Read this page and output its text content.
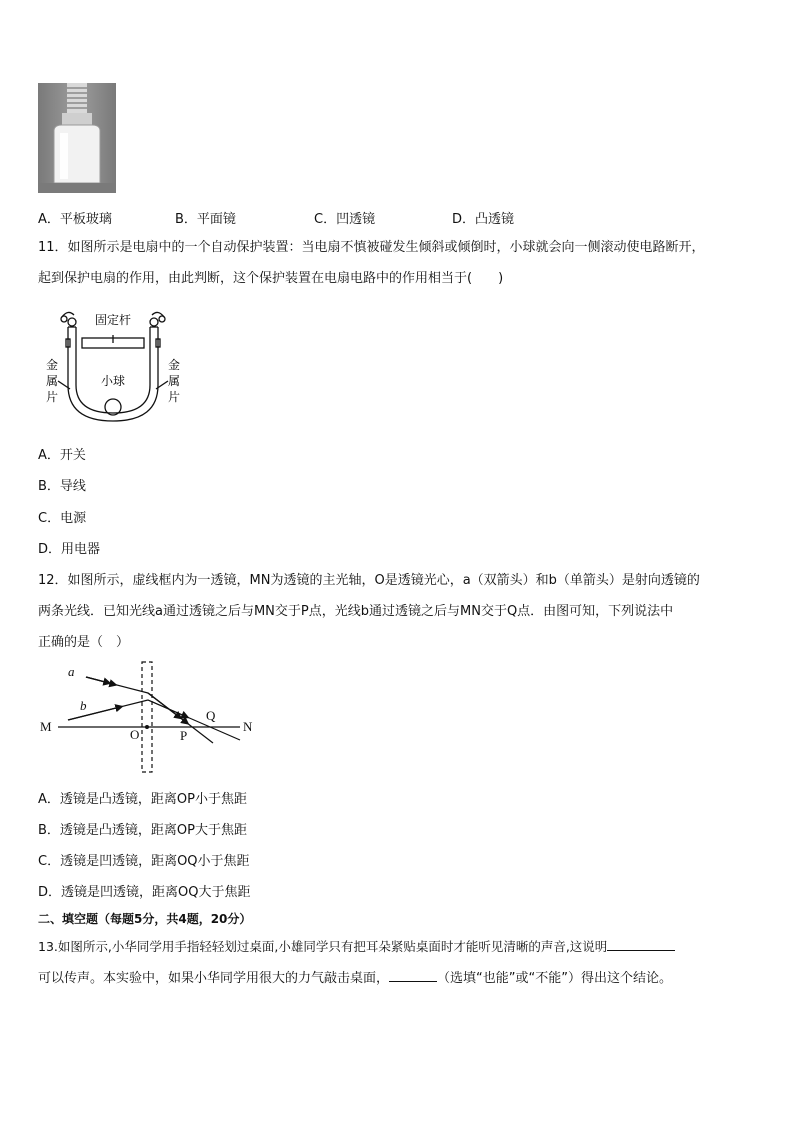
A．平板玻璃	B．平面镜	C．凹透镜	D．凸透镜
11．如图所示是电扇中的一个自动保护装置：当电扇不慎被碰发生倾斜或倾倒时，小球就会向一侧滚动使电路断开，
起到保护电扇的作用，由此判断，这个保护装置在电扇电路中的作用相当于(　　)
固定杆
小球
金 属 片
金 属 片
A．开关
B．导线
C．电源
D．用电器
12．如图所示，虚线框内为一透镜，MN为透镜的主光轴，O是透镜光心，a（双箭头）和b（单箭头）是射向透镜的
两条光线．已知光线a通过透镜之后与MN交于P点，光线b通过透镜之后与MN交于Q点．由图可知，下列说法中
正确的是（　）
a
b
M	N
O	P
Q
A．透镜是凸透镜，距离OP小于焦距
B．透镜是凸透镜，距离OP大于焦距
C．透镜是凹透镜，距离OQ小于焦距
D．透镜是凹透镜，距离OQ大于焦距
二、填空题（每题5分，共4题，20分）
13.如图所示,小华同学用手指轻轻划过桌面,小雄同学只有把耳朵紧贴桌面时才能听见清晰的声音,这说明
可以传声。本实验中，如果小华同学用很大的力气敲击桌面，	（选填“也能”或“不能”）得出这个结论。
